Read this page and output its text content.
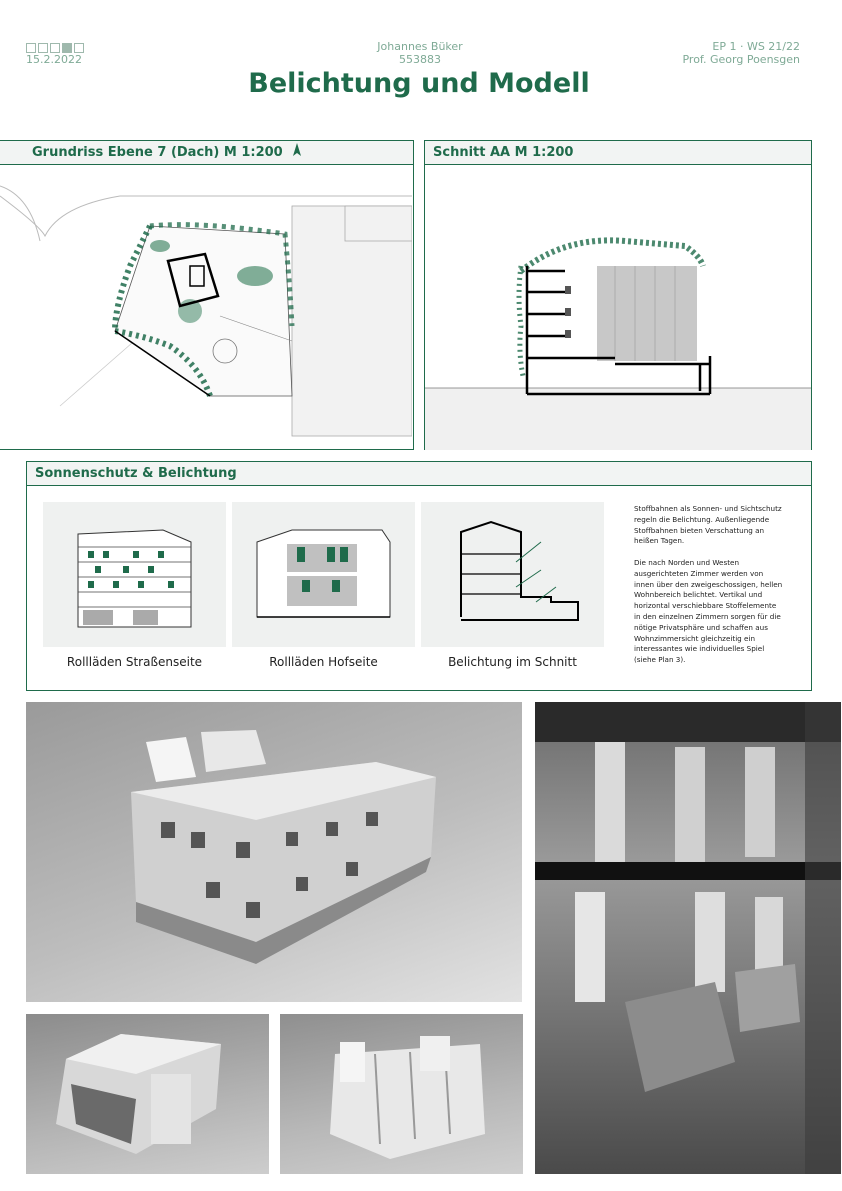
15.2.2022
Johannes Büker
553883
EP 1 · WS 21/22
Prof. Georg Poensgen
Belichtung und Modell
Grundriss Ebene 7 (Dach) M 1:200	Schnitt AA M 1:200
Sonnenschutz & Belichtung
Rollläden Straßenseite	Rollläden Hofseite	Belichtung im Schnitt
Stoffbahnen als Sonnen- und Sichtschutz regeln die Belichtung. Außenliegende Stoffbahnen bieten Verschattung an heißen Tagen.
Die nach Norden und Westen ausgerichteten Zimmer werden von innen über den zweigeschossigen, hellen Wohnbereich belichtet. Vertikal und horizontal verschiebbare Stoffelemente in den einzelnen Zimmern sorgen für die nötige Privatsphäre und schaffen aus Wohnzimmersicht gleichzeitig ein interessantes wie individuelles Spiel (siehe Plan 3).
